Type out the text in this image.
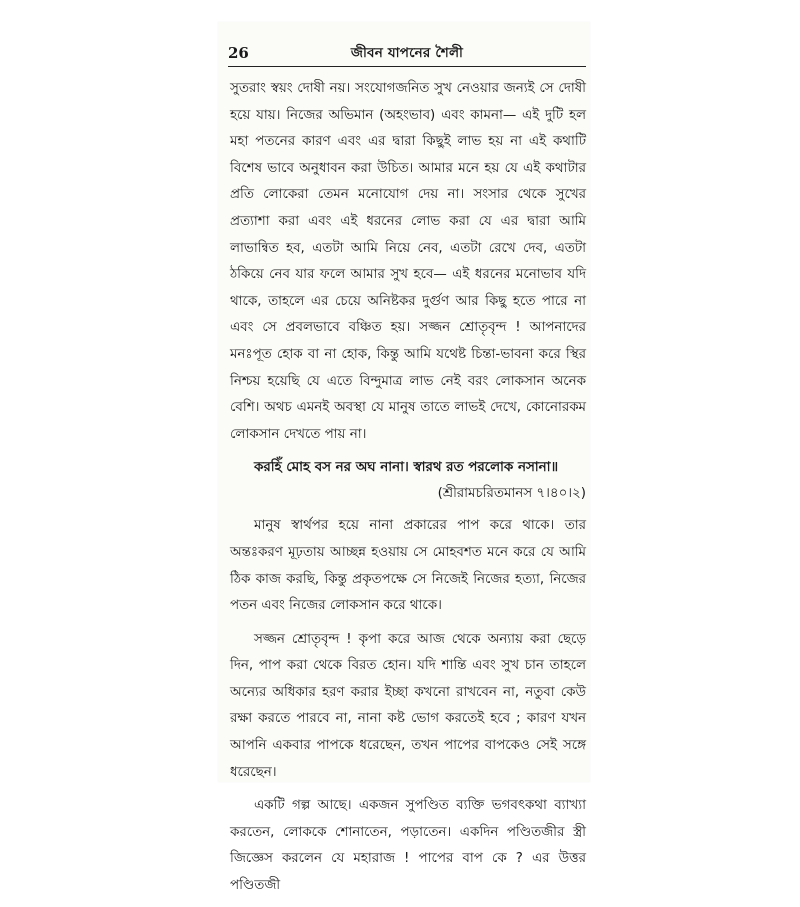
26	জীবন যাপনের শৈলী

সুতরাং স্বয়ং দোষী নয়। সংযোগজনিত সুখ নেওয়ার জন্যই সে দোষী হয়ে যায়। নিজের অভিমান (অহংভাব) এবং কামনা— এই দুটি হল মহা পতনের কারণ এবং এর দ্বারা কিছুই লাভ হয় না এই কথাটি বিশেষ ভাবে অনুধাবন করা উচিত। আমার মনে হয় যে এই কথাটার প্রতি লোকেরা তেমন মনোযোগ দেয় না। সংসার থেকে সুখের প্রত্যাশা করা এবং এই ধরনের লোভ করা যে এর দ্বারা আমি লাভান্বিত হব, এতটা আমি নিয়ে নেব, এতটা রেখে দেব, এতটা ঠকিয়ে নেব যার ফলে আমার সুখ হবে— এই ধরনের মনোভাব যদি থাকে, তাহলে এর চেয়ে অনিষ্টকর দুর্গুণ আর কিছু হতে পারে না এবং সে প্রবলভাবে বঞ্চিত হয়। সজ্জন শ্রোতৃবৃন্দ ! আপনাদের মনঃপূত হোক বা না হোক, কিন্তু আমি যথেষ্ট চিন্তা-ভাবনা করে স্থির নিশ্চয় হয়েছি যে এতে বিন্দুমাত্র লাভ নেই বরং লোকসান অনেক বেশি। অথচ এমনই অবস্থা যে মানুষ তাতে লাভই দেখে, কোনোরকম লোকসান দেখতে পায় না।

করহিঁ মোহ বস নর অঘ নানা। স্বারথ রত পরলোক নসানা॥

(শ্রীরামচরিতমানস ৭।৪০।২)

মানুষ স্বার্থপর হয়ে নানা প্রকারের পাপ করে থাকে। তার অন্তঃকরণ মূঢ়তায় আচ্ছন্ন হওয়ায় সে মোহবশত মনে করে যে আমি ঠিক কাজ করছি, কিন্তু প্রকৃতপক্ষে সে নিজেই নিজের হত্যা, নিজের পতন এবং নিজের লোকসান করে থাকে।

সজ্জন শ্রোতৃবৃন্দ ! কৃপা করে আজ থেকে অন্যায় করা ছেড়ে দিন, পাপ করা থেকে বিরত হোন। যদি শান্তি এবং সুখ চান তাহলে অন্যের অধিকার হরণ করার ইচ্ছা কখনো রাখবেন না, নতুবা কেউ রক্ষা করতে পারবে না, নানা কষ্ট ভোগ করতেই হবে ; কারণ যখন আপনি একবার পাপকে ধরেছেন, তখন পাপের বাপকেও সেই সঙ্গে ধরেছেন।

একটি গল্প আছে। একজন সুপণ্ডিত ব্যক্তি ভগবৎকথা ব্যাখ্যা করতেন, লোককে শোনাতেন, পড়াতেন। একদিন পণ্ডিতজীর স্ত্রী জিজ্ঞেস করলেন যে মহারাজ ! পাপের বাপ কে ? এর উত্তর পণ্ডিতজী
